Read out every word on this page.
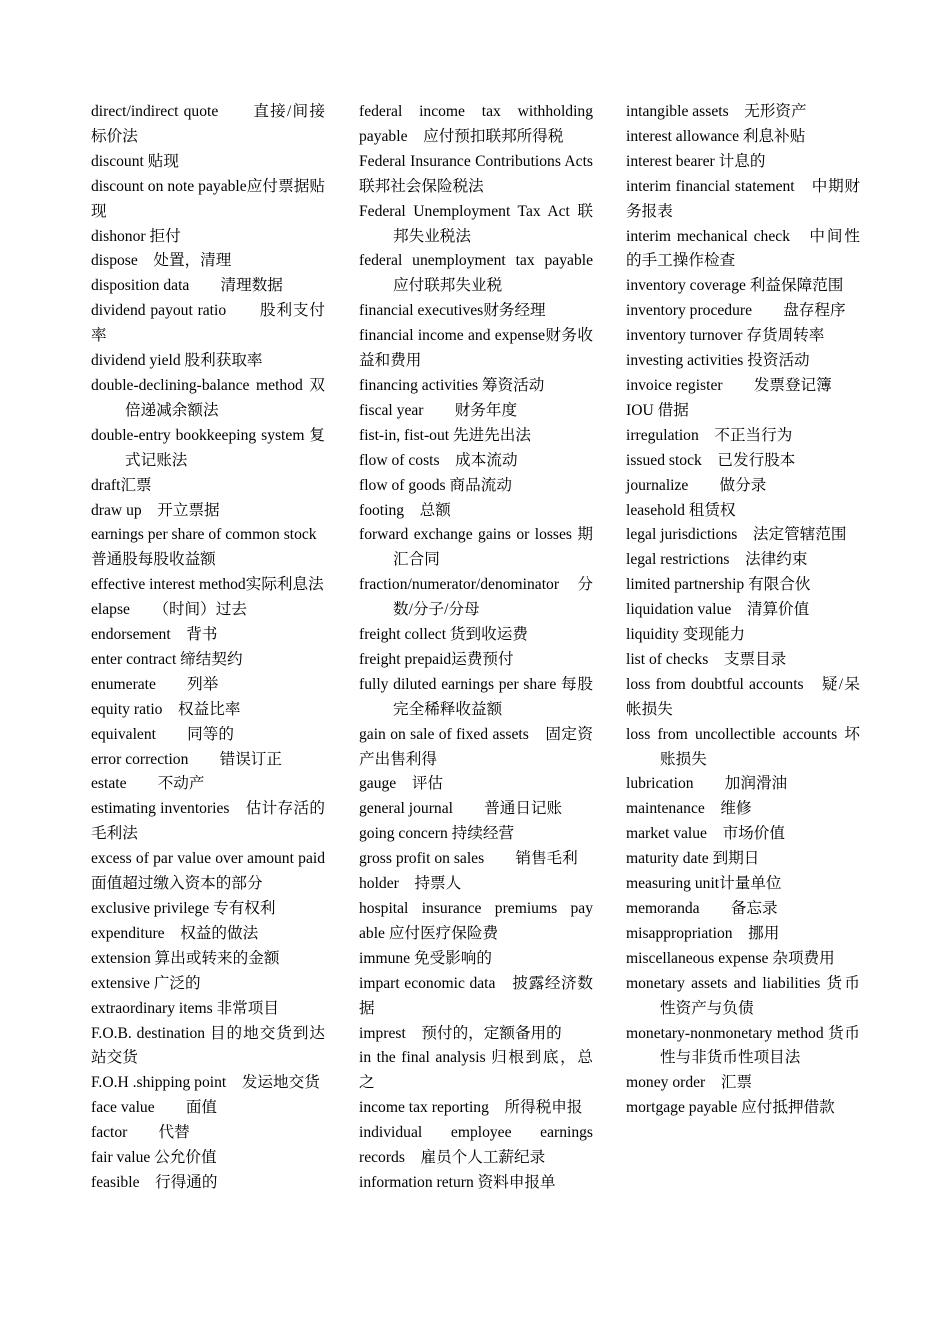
direct/indirect quote　　直接/间接标价法

discount 贴现

discount on note payable应付票据贴现

dishonor 拒付

dispose　处置，清理

disposition data　　清理数据

dividend payout ratio　　股利支付率

dividend yield 股利获取率

double-declining-balance method 双倍递减余额法

double-entry bookkeeping system 复式记账法

draft汇票

draw up　开立票据

earnings per share of common stock　　普通股每股收益额

effective interest method实际利息法

elapse　　（时间）过去

endorsement　背书

enter contract 缔结契约

enumerate　　列举

equity ratio　权益比率

equivalent　　同等的

error correction　　错误订正

estate　　不动产

estimating inventories　估计存活的毛利法

excess of par value over amount paid 面值超过缴入资本的部分

exclusive privilege 专有权利

expenditure　权益的做法

extension 算出或转来的金额

extensive 广泛的

extraordinary items 非常项目

F.O.B. destination 目的地交货到达站交货

F.O.H .shipping point　发运地交货

face value　　面值

factor　　代替

fair value 公允价值

feasible　行得通的

federal income tax withholding payable　应付预扣联邦所得税

Federal Insurance Contributions Acts 联邦社会保险税法

Federal Unemployment Tax Act 联邦失业税法

federal unemployment tax payable 应付联邦失业税

financial executives财务经理

financial income and expense财务收益和费用

financing activities 筹资活动

fiscal year　　财务年度

fist-in, fist-out 先进先出法

flow of costs　成本流动

flow of goods 商品流动

footing　总额

forward exchange gains or losses 期汇合同

fraction/numerator/denominator 分数/分子/分母

freight collect 货到收运费

freight prepaid运费预付

fully diluted earnings per share 每股完全稀释收益额

gain on sale of fixed assets　固定资产出售利得

gauge　评估

general journal　　普通日记账

going concern 持续经营

gross profit on sales　　销售毛利

holder　持票人

hospital insurance premiums pay able 应付医疗保险费

immune 免受影响的

impart economic data　披露经济数据

imprest　预付的，定额备用的

in the final analysis 归根到底，总之

income tax reporting　所得税申报

individual employee earnings records　雇员个人工薪纪录

information return 资料申报单

intangible assets　无形资产

interest allowance 利息补贴

interest bearer 计息的

interim financial statement　中期财务报表

interim mechanical check　中间性的手工操作检查

inventory coverage 利益保障范围

inventory procedure　　盘存程序

inventory turnover 存货周转率

investing activities 投资活动

invoice register　　发票登记簿

IOU 借据

irregulation　不正当行为

issued stock　已发行股本

journalize　　做分录

leasehold 租赁权

legal jurisdictions　法定管辖范围

legal restrictions　法律约束

limited partnership 有限合伙

liquidation value　清算价值

liquidity 变现能力

list of checks　支票目录

loss from doubtful accounts　疑/呆帐损失

loss from uncollectible accounts 坏账损失

lubrication　　加润滑油

maintenance　维修

market value　市场价值

maturity date 到期日

measuring unit计量单位

memoranda　　备忘录

misappropriation　挪用

miscellaneous expense 杂项费用

monetary assets and liabilities 货币性资产与负债

monetary-nonmonetary method 货币性与非货币性项目法

money order　汇票

mortgage payable 应付抵押借款
